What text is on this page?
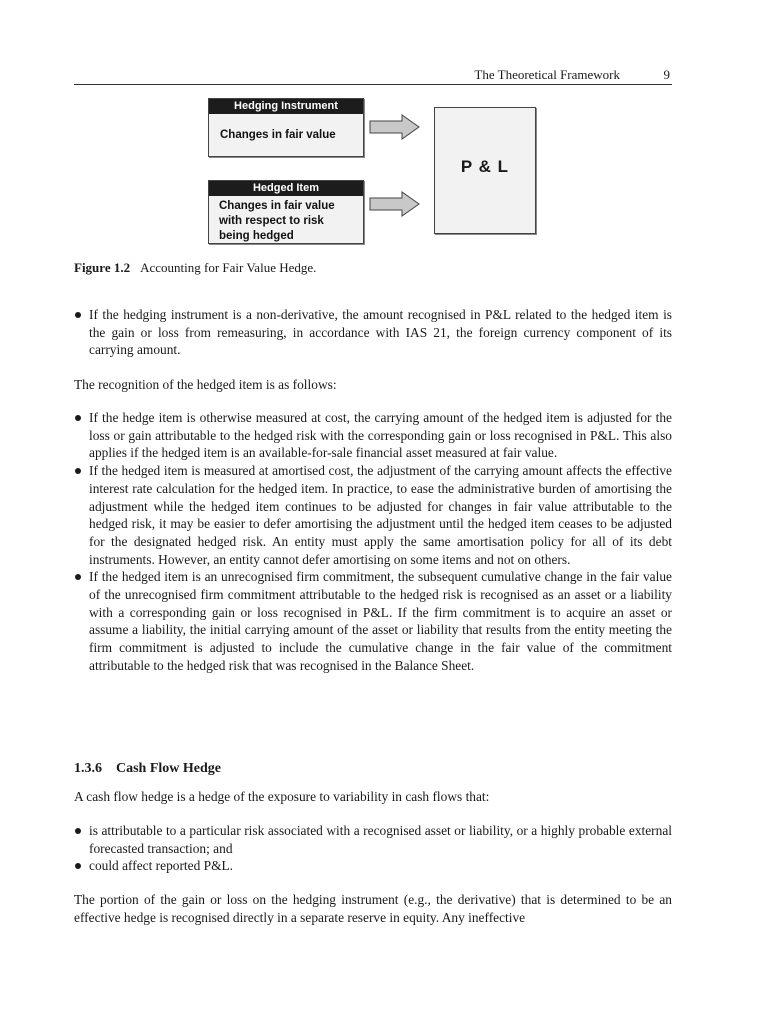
The Theoretical Framework	9
Hedging Instrument
Changes in fair value
Hedged Item
Changes in fair value
with respect to risk
being hedged
P & L
Figure 1.2 Accounting for Fair Value Hedge.
If the hedging instrument is a non-derivative, the amount recognised in P&L related to the hedged item is the gain or loss from remeasuring, in accordance with IAS 21, the foreign currency component of its carrying amount.

The recognition of the hedged item is as follows:

If the hedge item is otherwise measured at cost, the carrying amount of the hedged item is adjusted for the loss or gain attributable to the hedged risk with the corresponding gain or loss recognised in P&L. This also applies if the hedged item is an available-for-sale financial asset measured at fair value.
If the hedged item is measured at amortised cost, the adjustment of the carrying amount affects the effective interest rate calculation for the hedged item. In practice, to ease the administrative burden of amortising the adjustment while the hedged item continues to be adjusted for changes in fair value attributable to the hedged risk, it may be easier to defer amortising the adjustment until the hedged item ceases to be adjusted for the designated hedged risk. An entity must apply the same amortisation policy for all of its debt instruments. However, an entity cannot defer amortising on some items and not on others.
If the hedged item is an unrecognised firm commitment, the subsequent cumulative change in the fair value of the unrecognised firm commitment attributable to the hedged risk is recognised as an asset or a liability with a corresponding gain or loss recognised in P&L. If the firm commitment is to acquire an asset or assume a liability, the initial carrying amount of the asset or liability that results from the entity meeting the firm commitment is adjusted to include the cumulative change in the fair value of the commitment attributable to the hedged risk that was recognised in the Balance Sheet.
1.3.6 Cash Flow Hedge

A cash flow hedge is a hedge of the exposure to variability in cash flows that:

is attributable to a particular risk associated with a recognised asset or liability, or a highly probable external forecasted transaction; and
could affect reported P&L.

The portion of the gain or loss on the hedging instrument (e.g., the derivative) that is determined to be an effective hedge is recognised directly in a separate reserve in equity. Any ineffective
